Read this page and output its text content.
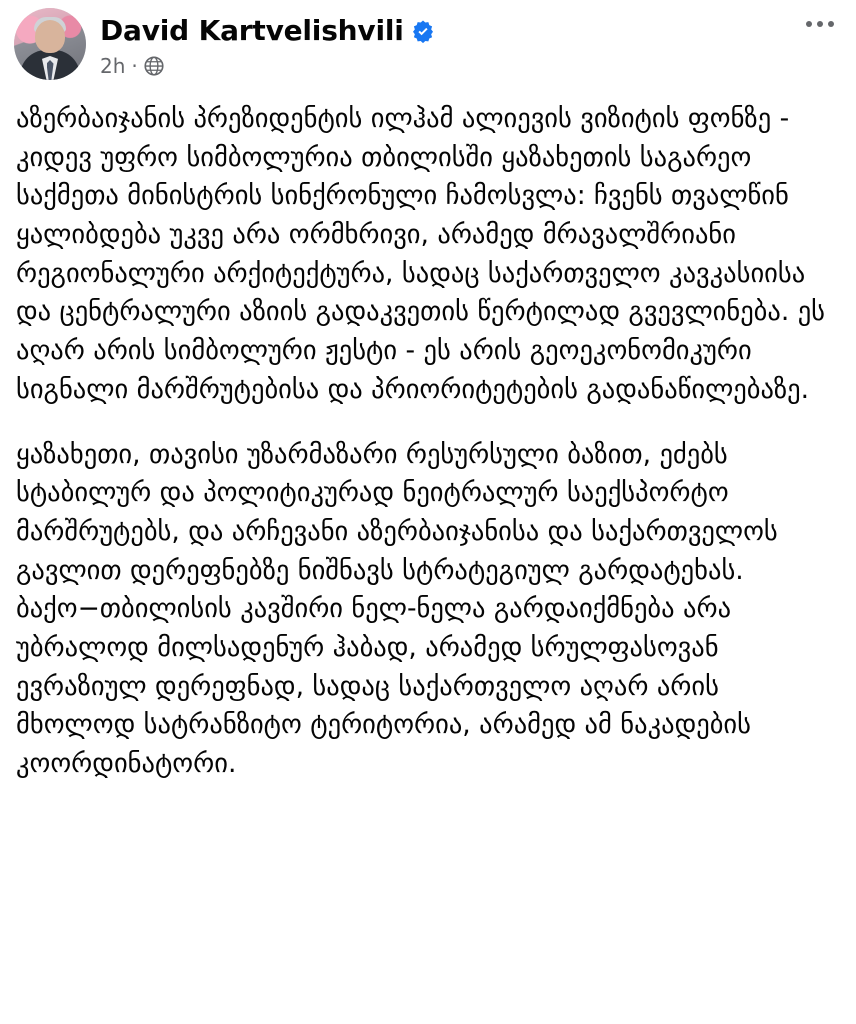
David Kartvelishvili
2h ·

აზერბაიჯანის პრეზიდენტის ილჰამ ალიევის ვიზიტის ფონზე - კიდევ უფრო სიმბოლურია თბილისში ყაზახეთის საგარეო საქმეთა მინისტრის სინქრონული ჩამოსვლა: ჩვენს თვალწინ ყალიბდება უკვე არა ორმხრივი, არამედ მრავალშრიანი რეგიონალური არქიტექტურა, სადაც საქართველო კავკასიისა და ცენტრალური აზიის გადაკვეთის წერტილად გვევლინება. ეს აღარ არის სიმბოლური ჟესტი - ეს არის გეოეკონომიკური სიგნალი მარშრუტებისა და პრიორიტეტების გადანაწილებაზე.

ყაზახეთი, თავისი უზარმაზარი რესურსული ბაზით, ეძებს სტაბილურ და პოლიტიკურად ნეიტრალურ საექსპორტო მარშრუტებს, და არჩევანი აზერბაიჯანისა და საქართველოს გავლით დერეფნებზე ნიშნავს სტრატეგიულ გარდატეხას. ბაქო−თბილისის კავშირი ნელ-ნელა გარდაიქმნება არა უბრალოდ მილსადენურ ჰაბად, არამედ სრულფასოვან ევრაზიულ დერეფნად, სადაც საქართველო აღარ არის მხოლოდ სატრანზიტო ტერიტორია, არამედ ამ ნაკადების კოორდინატორი.
